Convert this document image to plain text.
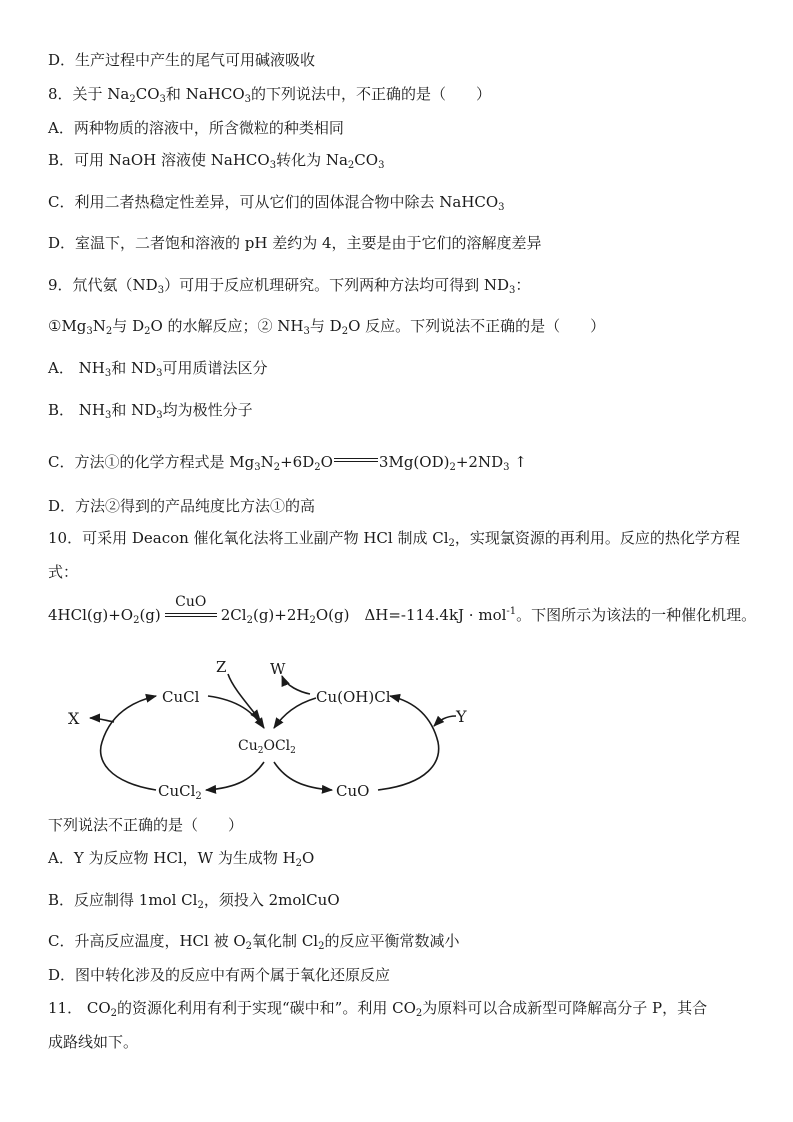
D．生产过程中产生的尾气可用碱液吸收
8．关于 $Na_2CO_3$和 NaHCO$_3$的下列说法中，不正确的是（　　）
A．两种物质的溶液中，所含微粒的种类相同
B．可用 NaOH 溶液使 NaHCO$_3$转化为 $Na_2CO_3$
C．利用二者热稳定性差异，可从它们的固体混合物中除去 NaHCO$_3$
D．室温下，二者饱和溶液的 pH 差约为 4，主要是由于它们的溶解度差异
9．氘代氨$(ND_3)$可用于反应机理研究。下列两种方法均可得到 $ND_3$：
$①Mg_3N_2$与 $D_2O$ 的水解反应；② $NH_3$与 $D_2O$ 反应。下列说法不正确的是（　　）
A． $NH_3$和 $ND_3$可用质谱法区分
B． $NH_3$和 $ND_3$均为极性分子
C．方法①的化学方程式是 $Mg_3N_2+6D_2O$	$3Mg(OD)_2+2ND_3$ ↑
D．方法②得到的产品纯度比方法①的高
10．可采用 Deacon 催化氧化法将工业副产物 HCl 制成 $Cl_2$，实现氯资源的再利用。反应的热化学方程
式：
$4HCl(g)+O_2(g)$
CuO
$2Cl_2(g)+2H_2O(g)$　ΔH=-114.4kJ · mol$^{-1}$。下图所示为该法的一种催化机理。
Z	W
X	Y
CuCl	Cu(OH)Cl
$Cu_2OCl_2$
CuCl$_2$	CuO
下列说法不正确的是（　　）
A．Y 为反应物 HCl，W 为生成物 $H_2O$
B．反应制得 1mol $Cl_2$，须投入 2molCuO
C．升高反应温度，HCl 被 $O_2$氧化制 $Cl_2$的反应平衡常数减小
D．图中转化涉及的反应中有两个属于氧化还原反应
11． $CO_2$的资源化利用有利于实现“碳中和”。利用 $CO_2$为原料可以合成新型可降解高分子 P，其合
成路线如下。
